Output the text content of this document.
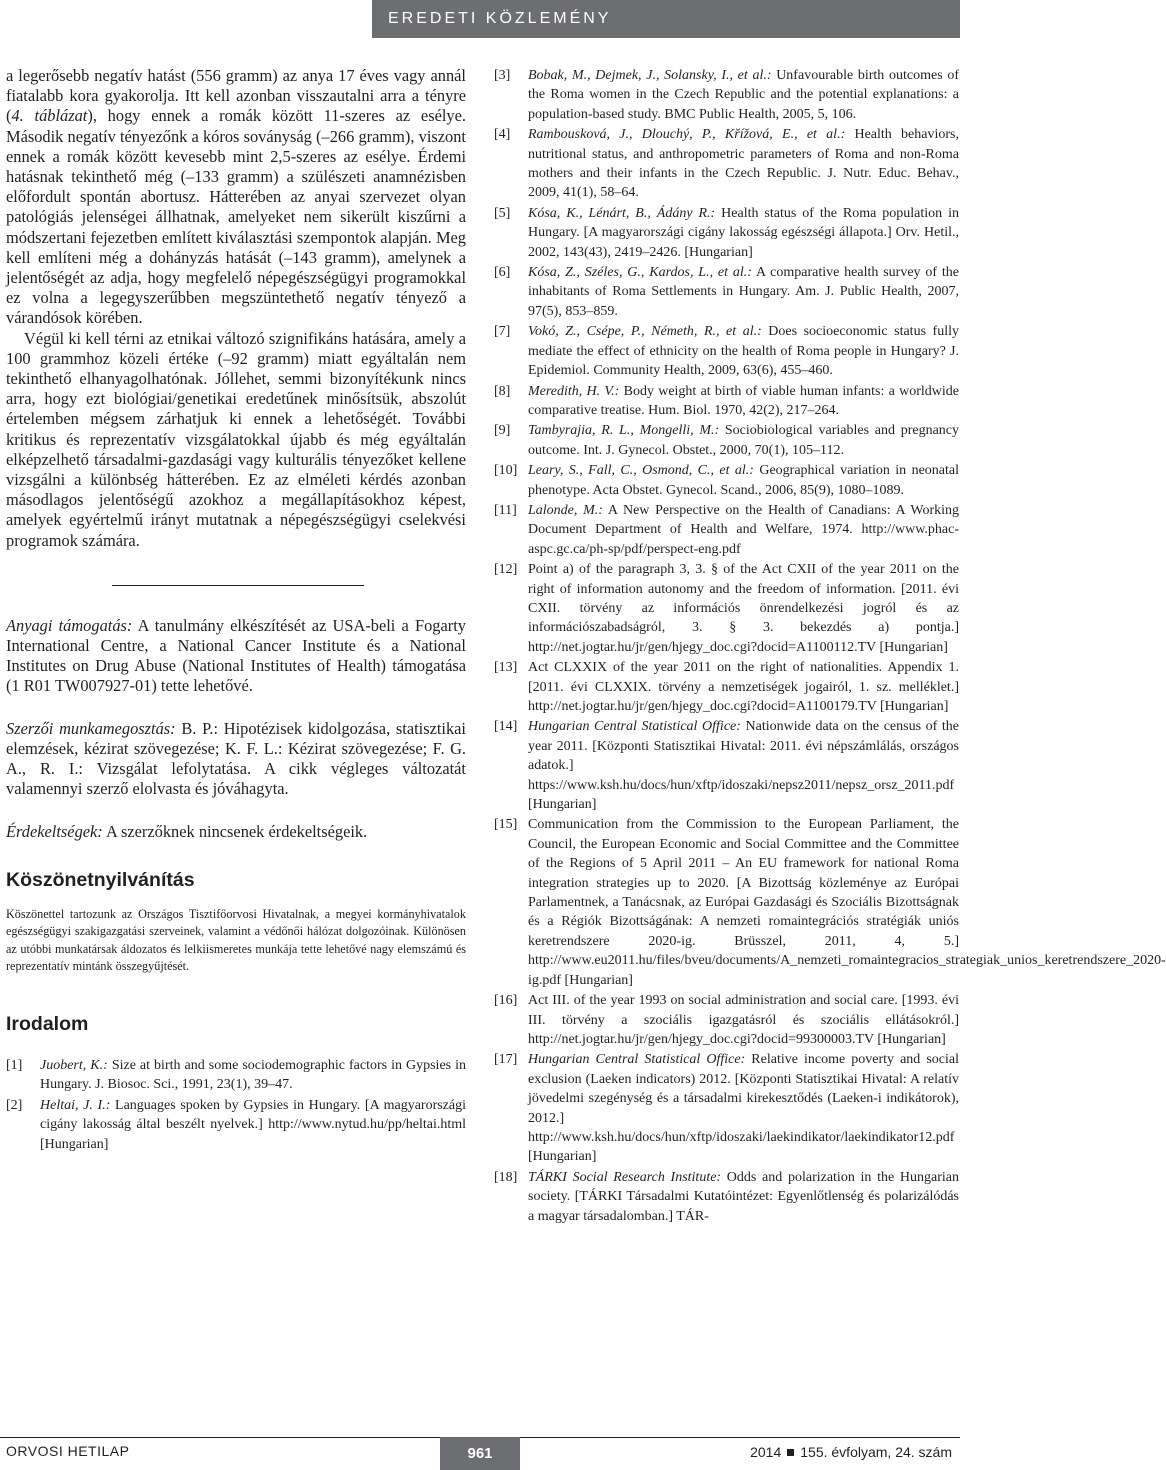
EREDETI KÖZLEMÉNY

a legerősebb negatív hatást (556 gramm) az anya 17 éves vagy annál fiatalabb kora gyakorolja. Itt kell azonban visszautalni arra a tényre (4. táblázat), hogy ennek a romák között 11-szeres az esélye. Második negatív tényezőnk a kóros soványság (–266 gramm), viszont ennek a romák között kevesebb mint 2,5-szeres az esélye. Érdemi hatásnak tekinthető még (–133 gramm) a szülészeti anamnézisben előfordult spontán abortusz. Hátterében az anyai szervezet olyan patológiás jelenségei állhatnak, amelyeket nem sikerült kiszűrni a módszertani fejezetben említett kiválasztási szempontok alapján. Meg kell említeni még a dohányzás hatását (–143 gramm), amelynek a jelentőségét az adja, hogy megfelelő népegészségügyi programokkal ez volna a legegyszerűbben megszüntethető negatív tényező a várandósok körében.

Végül ki kell térni az etnikai változó szignifikáns hatására, amely a 100 grammhoz közeli értéke (–92 gramm) miatt egyáltalán nem tekinthető elhanyagolhatónak. Jóllehet, semmi bizonyítékunk nincs arra, hogy ezt biológiai/genetikai eredetűnek minősítsük, abszolút értelemben mégsem zárhatjuk ki ennek a lehetőségét. További kritikus és reprezentatív vizsgálatokkal újabb és még egyáltalán elképzelhető társadalmi-gazdasági vagy kulturális tényezőket kellene vizsgálni a különbség hátterében. Ez az elméleti kérdés azonban másodlagos jelentőségű azokhoz a megállapításokhoz képest, amelyek egyértelmű irányt mutatnak a népegészségügyi cselekvési programok számára.

Anyagi támogatás: A tanulmány elkészítését az USA-beli a Fogarty International Centre, a National Cancer Institute és a National Institutes on Drug Abuse (National Institutes of Health) támogatása (1 R01 TW007927-01) tette lehetővé.

Szerzői munkamegosztás: B. P.: Hipotézisek kidolgozása, statisztikai elemzések, kézirat szövegezése; K. F. L.: Kézirat szövegezése; F. G. A., R. I.: Vizsgálat lefolytatása. A cikk végleges változatát valamennyi szerző elolvasta és jóváhagyta.

Érdekeltségek: A szerzőknek nincsenek érdekeltségeik.

Köszönetnyilvánítás

Köszönettel tartozunk az Országos Tisztifőorvosi Hivatalnak, a megyei kormányhivatalok egészségügyi szakigazgatási szerveinek, valamint a védőnői hálózat dolgozóinak. Különösen az utóbbi munkatársak áldozatos és lelkiismeretes munkája tette lehetővé nagy elemszámú és reprezentatív mintánk összegyűjtését.

Irodalom
[1] Juobert, K.: Size at birth and some sociodemographic factors in Gypsies in Hungary. J. Biosoc. Sci., 1991, 23(1), 39–47.
[2] Heltai, J. I.: Languages spoken by Gypsies in Hungary. [A magyarországi cigány lakosság által beszélt nyelvek.] http://www.nytud.hu/pp/heltai.html [Hungarian]
[3] Bobak, M., Dejmek, J., Solansky, I., et al.: Unfavourable birth outcomes of the Roma women in the Czech Republic and the potential explanations: a population-based study. BMC Public Health, 2005, 5, 106.
[4] Rambousková, J., Dlouchý, P., Křížová, E., et al.: Health behaviors, nutritional status, and anthropometric parameters of Roma and non-Roma mothers and their infants in the Czech Republic. J. Nutr. Educ. Behav., 2009, 41(1), 58–64.
[5] Kósa, K., Lénárt, B., Ádány R.: Health status of the Roma population in Hungary. [A magyarországi cigány lakosság egészségi állapota.] Orv. Hetil., 2002, 143(43), 2419–2426. [Hungarian]
[6] Kósa, Z., Széles, G., Kardos, L., et al.: A comparative health survey of the inhabitants of Roma Settlements in Hungary. Am. J. Public Health, 2007, 97(5), 853–859.
[7] Vokó, Z., Csépe, P., Németh, R., et al.: Does socioeconomic status fully mediate the effect of ethnicity on the health of Roma people in Hungary? J. Epidemiol. Community Health, 2009, 63(6), 455–460.
[8] Meredith, H. V.: Body weight at birth of viable human infants: a worldwide comparative treatise. Hum. Biol. 1970, 42(2), 217–264.
[9] Tambyrajia, R. L., Mongelli, M.: Sociobiological variables and pregnancy outcome. Int. J. Gynecol. Obstet., 2000, 70(1), 105–112.
[10] Leary, S., Fall, C., Osmond, C., et al.: Geographical variation in neonatal phenotype. Acta Obstet. Gynecol. Scand., 2006, 85(9), 1080–1089.
[11] Lalonde, M.: A New Perspective on the Health of Canadians: A Working Document Department of Health and Welfare, 1974. http://www.phac-aspc.gc.ca/ph-sp/pdf/perspect-eng.pdf
[12] Point a) of the paragraph 3, 3. § of the Act CXII of the year 2011 on the right of information autonomy and the freedom of information. [2011. évi CXII. törvény az információs önrendelkezési jogról és az információszabadságról, 3. § 3. bekezdés a) pontja.] http://net.jogtar.hu/jr/gen/hjegy_doc.cgi?docid=A1100112.TV [Hungarian]
[13] Act CLXXIX of the year 2011 on the right of nationalities. Appendix 1. [2011. évi CLXXIX. törvény a nemzetiségek jogairól, 1. sz. melléklet.] http://net.jogtar.hu/jr/gen/hjegy_doc.cgi?docid=A1100179.TV [Hungarian]
[14] Hungarian Central Statistical Office: Nationwide data on the census of the year 2011. [Központi Statisztikai Hivatal: 2011. évi népszámlálás, országos adatok.] https://www.ksh.hu/docs/hun/xftp/idoszaki/nepsz2011/nepsz_orsz_2011.pdf [Hungarian]
[15] Communication from the Commission to the European Parliament, the Council, the European Economic and Social Committee and the Committee of the Regions of 5 April 2011 – An EU framework for national Roma integration strategies up to 2020. [A Bizottság közleménye az Európai Parlamentnek, a Tanácsnak, az Európai Gazdasági és Szociális Bizottságnak és a Régiók Bizottságának: A nemzeti romaintegrációs stratégiák uniós keretrendszere 2020-ig. Brüsszel, 2011, 4, 5.] http://www.eu2011.hu/files/bveu/documents/A_nemzeti_romaintegracios_strategiak_unios_keretrendszere_2020-ig.pdf [Hungarian]
[16] Act III. of the year 1993 on social administration and social care. [1993. évi III. törvény a szociális igazgatásról és szociális ellátásokról.] http://net.jogtar.hu/jr/gen/hjegy_doc.cgi?docid=99300003.TV [Hungarian]
[17] Hungarian Central Statistical Office: Relative income poverty and social exclusion (Laeken indicators) 2012. [Központi Statisztikai Hivatal: A relatív jövedelmi szegénység és a társadalmi kirekesztődés (Laeken-i indikátorok), 2012.] http://www.ksh.hu/docs/hun/xftp/idoszaki/laekindikator/laekindikator12.pdf [Hungarian]
[18] TÁRKI Social Research Institute: Odds and polarization in the Hungarian society. [TÁRKI Társadalmi Kutatóintézet: Egyenlőtlenség és polarizálódás a magyar társadalomban.] TÁR-
ORVOSI HETILAP	961	2014 155. évfolyam, 24. szám
